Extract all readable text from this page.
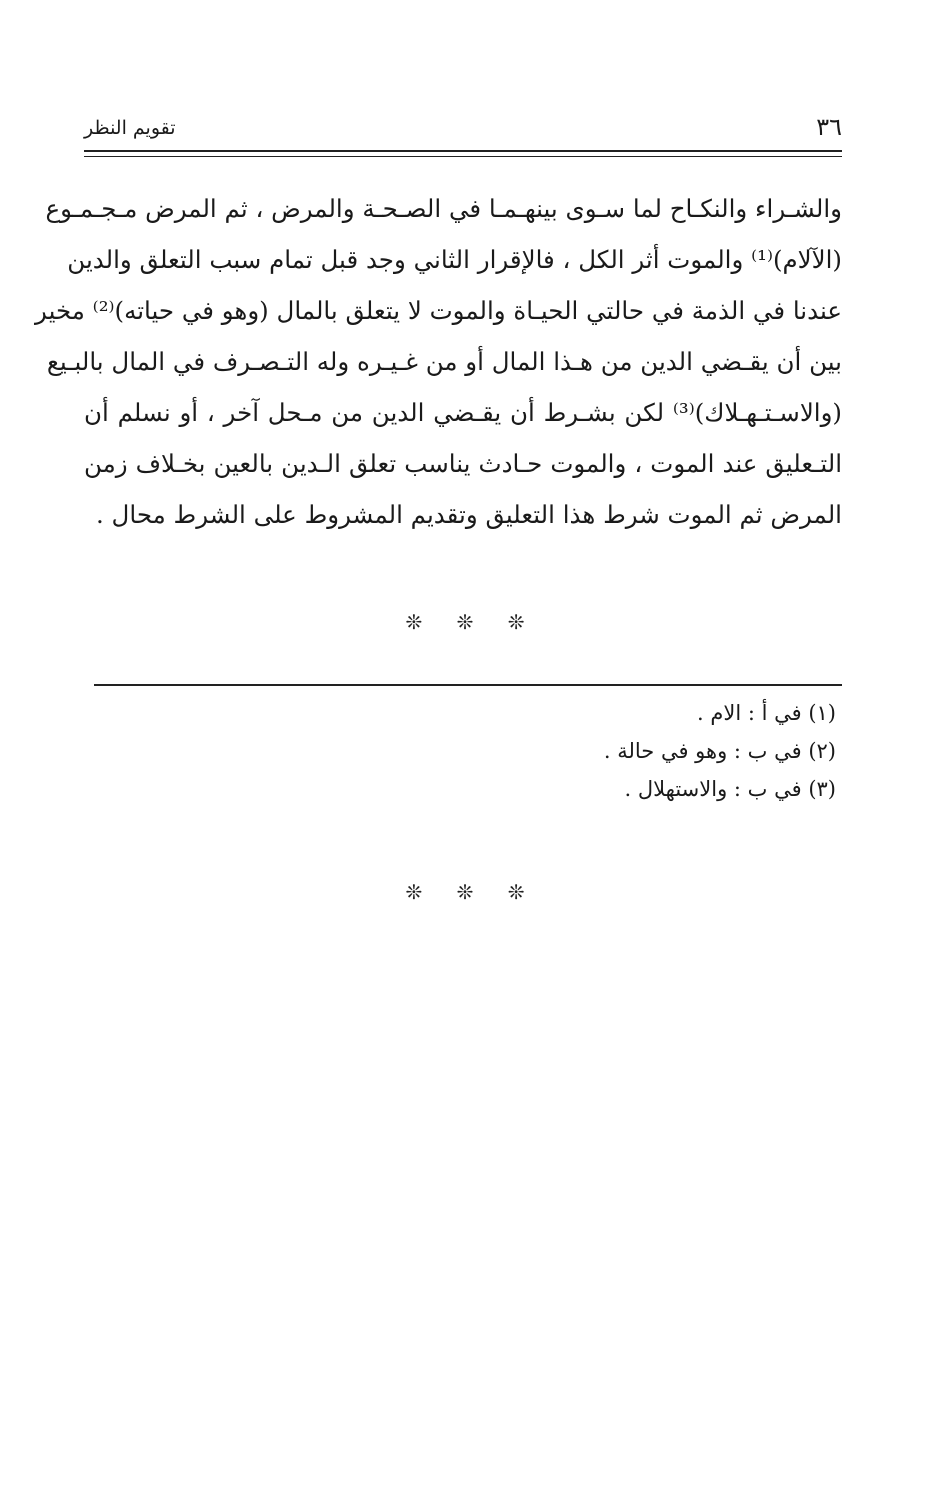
٣٦
تقويم النظر
والشـراء والنكـاح لما سـوى بينهـمـا في الصـحـة والمرض ، ثم المرض مـجـمـوع
(الآلام)⁽¹⁾ والموت أثر الكل ، فالإقرار الثاني وجد قبل تمام سبب التعلق والدين
عندنا في الذمة في حالتي الحيـاة والموت لا يتعلق بالمال (وهو في حياته)⁽²⁾ مخير
بين أن يقـضي الدين من هـذا المال أو من غـيـره وله التـصـرف في المال بالبـيع
(والاسـتـهـلاك)⁽³⁾ لكن بشـرط أن يقـضي الدين من مـحل آخر ، أو نسلم أن
التـعليق عند الموت ، والموت حـادث يناسب تعلق الـدين بالعين بخـلاف زمن
المرض ثم الموت شرط هذا التعليق وتقديم المشروط على الشرط محال .
❊ ❊ ❊
(١) في أ : الام .
(٢) في ب : وهو في حالة .
(٣) في ب : والاستهلال .
❊ ❊ ❊
